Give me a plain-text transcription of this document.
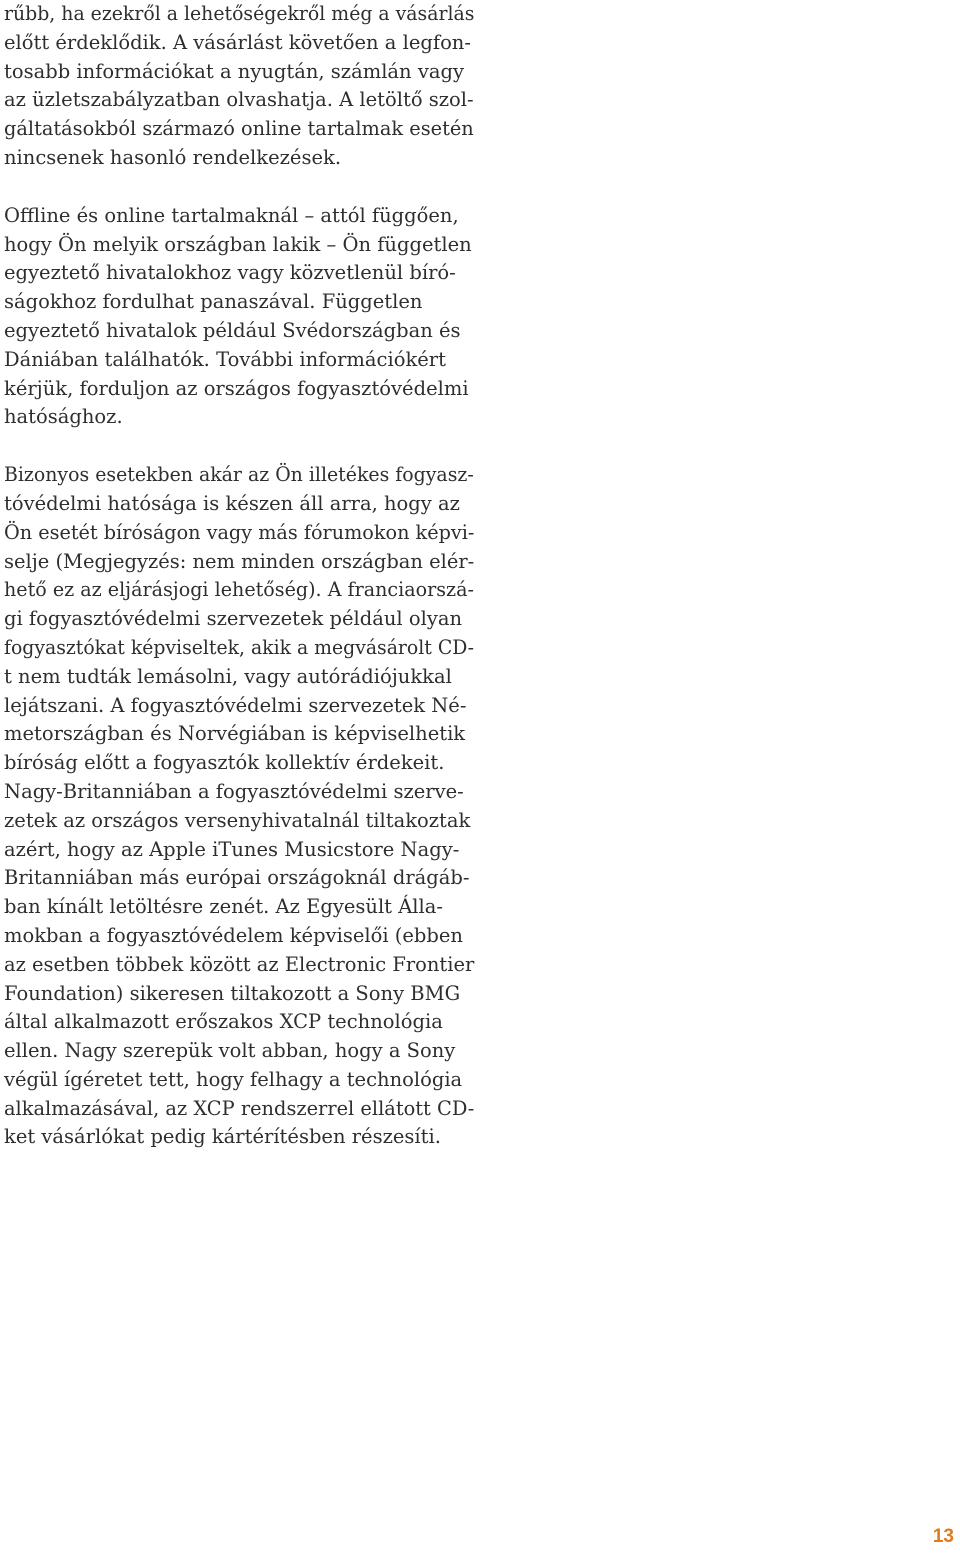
rűbb, ha ezekről a lehetőségekről még a vásárlás
előtt érdeklődik. A vásárlást követően a legfon-
tosabb információkat a nyugtán, számlán vagy
az üzletszabályzatban olvashatja. A letöltő szol-
gáltatásokból származó online tartalmak esetén
nincsenek hasonló rendelkezések.

Offline és online tartalmaknál – attól függően,
hogy Ön melyik országban lakik – Ön független
egyeztető hivatalokhoz vagy közvetlenül bíró-
ságokhoz fordulhat panaszával. Független
egyeztető hivatalok például Svédországban és
Dániában találhatók. További információkért
kérjük, forduljon az országos fogyasztóvédelmi
hatósághoz.

Bizonyos esetekben akár az Ön illetékes fogyasz-
tóvédelmi hatósága is készen áll arra, hogy az
Ön esetét bíróságon vagy más fórumokon képvi-
selje (Megjegyzés: nem minden országban elér-
hető ez az eljárásjogi lehetőség). A franciaorszá-
gi fogyasztóvédelmi szervezetek például olyan
fogyasztókat képviseltek, akik a megvásárolt CD-
t nem tudták lemásolni, vagy autórádiójukkal
lejátszani. A fogyasztóvédelmi szervezetek Né-
metországban és Norvégiában is képviselhetik
bíróság előtt a fogyasztók kollektív érdekeit.
Nagy-Britanniában a fogyasztóvédelmi szerve-
zetek az országos versenyhivatalnál tiltakoztak
azért, hogy az Apple iTunes Musicstore Nagy-
Britanniában más európai országoknál drágáb-
ban kínált letöltésre zenét. Az Egyesült Álla-
mokban a fogyasztóvédelem képviselői (ebben
az esetben többek között az Electronic Frontier
Foundation) sikeresen tiltakozott a Sony BMG
által alkalmazott erőszakos XCP technológia
ellen. Nagy szerepük volt abban, hogy a Sony
végül ígéretet tett, hogy felhagy a technológia
alkalmazásával, az XCP rendszerrel ellátott CD-
ket vásárlókat pedig kártérítésben részesíti.

13
